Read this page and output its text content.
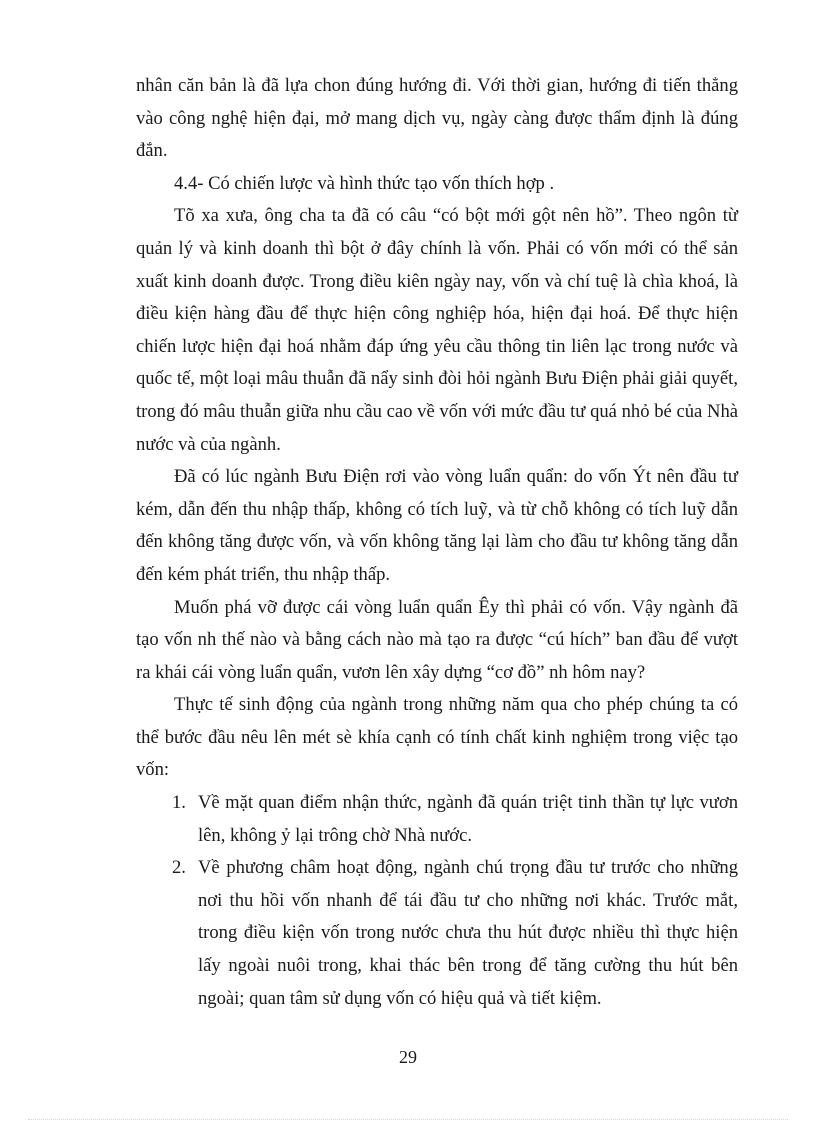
nhân căn bản là đã lựa chon đúng hướng đi. Với thời gian, hướng đi tiến thẳng vào công nghệ hiện đại, mở mang dịch vụ, ngày càng được thẩm định là đúng đắn.

4.4- Có chiến lược và hình thức tạo vốn thích hợp .

Tõ xa xưa, ông cha ta đã có câu “có bột mới gột nên hồ”. Theo ngôn từ quản lý và kinh doanh thì bột ở đây chính là vốn. Phải có vốn mới có thể sản xuất kinh doanh được. Trong điều kiên ngày nay, vốn và chí tuệ là chìa khoá, là điều kiện hàng đầu để thực hiện công nghiệp hóa, hiện đại hoá. Để thực hiện chiến lược hiện đại hoá nhằm đáp ứng yêu cầu thông tin liên lạc trong nước và quốc tế, một loại mâu thuẫn đã nẩy sinh đòi hỏi ngành Bưu Điện phải giải quyết, trong đó mâu thuẫn giữa nhu cầu cao về vốn với mức đầu tư quá nhỏ bé của Nhà nước và của ngành.

Đã có lúc ngành Bưu Điện rơi vào vòng luẩn quẩn: do vốn Ýt nên đầu tư kém, dẫn đến thu nhập thấp, không có tích luỹ, và từ chỗ không có tích luỹ dẫn đến không tăng được vốn, và vốn không tăng lại làm cho đầu tư không tăng dẫn đến kém phát triển, thu nhập thấp.

Muốn phá vỡ được cái vòng luẩn quẩn Êy thì phải có vốn. Vậy ngành đã tạo vốn nh thế nào và bằng cách nào mà tạo ra được “cú hích” ban đầu để vượt ra khái cái vòng luẩn quẩn, vươn lên xây dựng “cơ đồ” nh hôm nay?

Thực tế sinh động của ngành trong những năm qua cho phép chúng ta có thể bước đầu nêu lên mét sè khía cạnh có tính chất kinh nghiệm trong việc tạo vốn:

1. Về mặt quan điểm nhận thức, ngành đã quán triệt tinh thần tự lực vươn lên, không ỷ lại trông chờ Nhà nước.
2. Về phương châm hoạt động, ngành chú trọng đầu tư trước cho những nơi thu hồi vốn nhanh để tái đầu tư cho những nơi khác. Trước mắt, trong điều kiện vốn trong nước chưa thu hút được nhiều thì thực hiện lấy ngoài nuôi trong, khai thác bên trong để tăng cường thu hút bên ngoài; quan tâm sử dụng vốn có hiệu quả và tiết kiệm.
29
